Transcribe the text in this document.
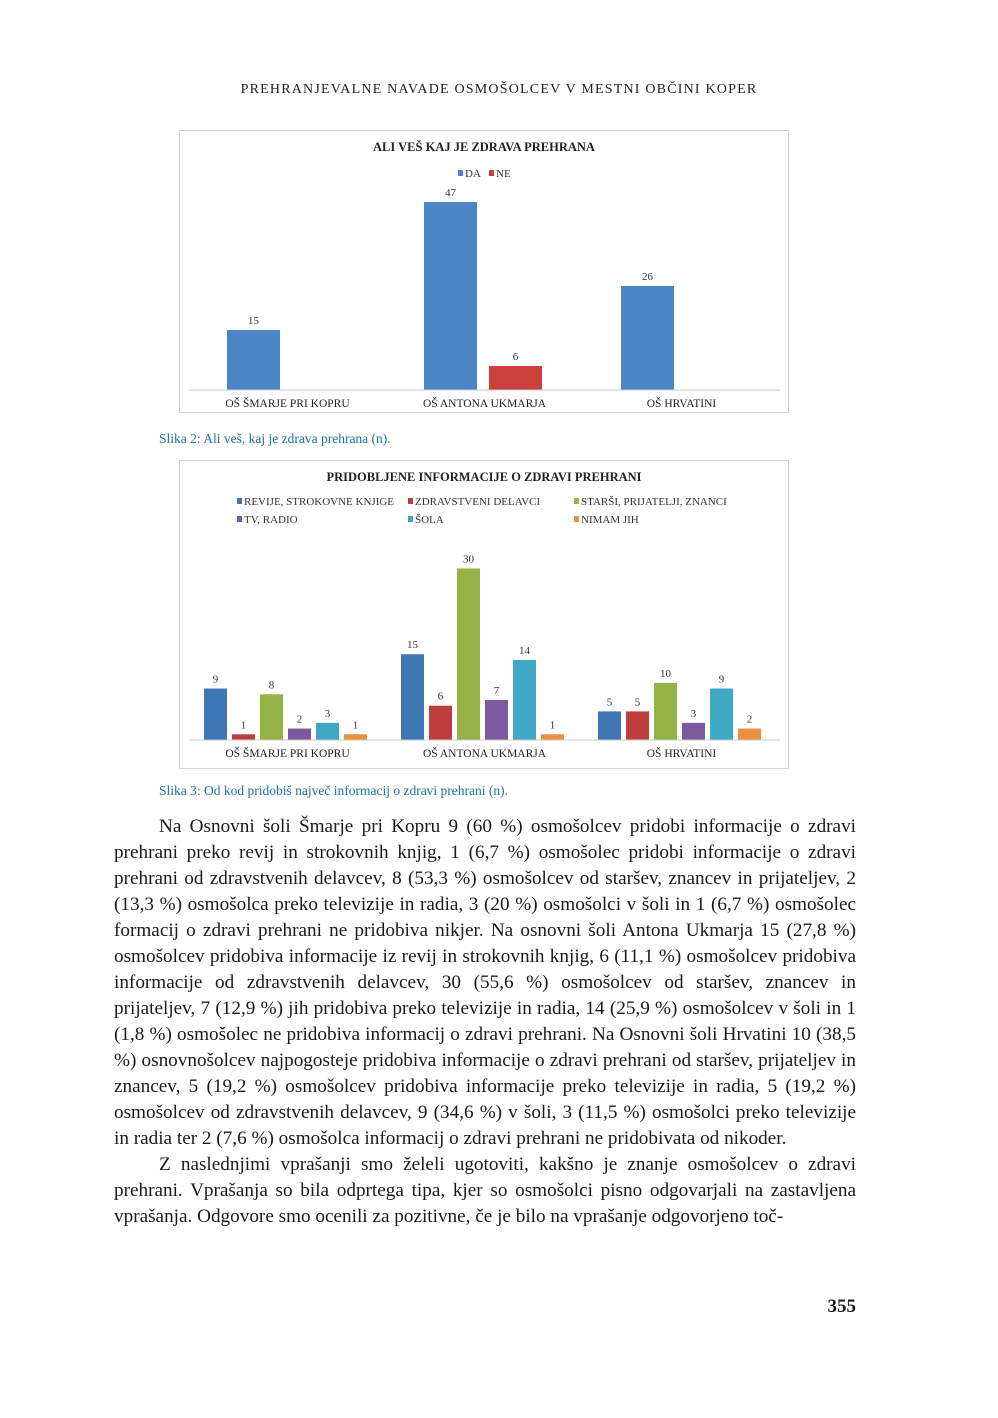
PREHRANJEVALNE NAVADE OSMOŠOLCEV V MESTNI OBČINI KOPER
ALI VEŠ KAJ JE ZDRAVA PREHRANA
DA NE
15
OŠ ŠMARJE PRI KOPRU
47
6
OŠ ANTONA UKMARJA
26
OŠ HRVATINI
Slika 2: Ali veš, kaj je zdrava prehrana (n).
PRIDOBLJENE INFORMACIJE O ZDRAVI PREHRANI
REVIJE, STROKOVNE KNJIGE ZDRAVSTVENI DELAVCI	STARŠI, PRIJATELJI, ZNANCI
TV, RADIO	ŠOLA	NIMAM JIH
9
1
8
2 3
1
OŠ ŠMARJE PRI KOPRU
15
6
30
7
14
1
OŠ ANTONA UKMARJA
5 5
10
3
9
2
OŠ HRVATINI
Slika 3: Od kod pridobiš največ informacij o zdravi prehrani (n).

Na Osnovni šoli Šmarje pri Kopru 9 (60 %) osmošolcev pridobi informacije o zdravi prehrani preko revij in strokovnih knjig, 1 (6,7 %) osmošolec pridobi informacije o zdravi prehrani od zdravstvenih delavcev, 8 (53,3 %) osmošolcev od staršev, znancev in prijateljev, 2 (13,3 %) osmošolca preko televizije in radia, 3 (20 %) osmošolci v šoli in 1 (6,7 %) osmošolec formacij o zdravi prehrani ne pridobiva nikjer. Na osnovni šoli Antona Ukmarja 15 (27,8 %) osmošolcev pridobiva informacije iz revij in strokovnih knjig, 6 (11,1 %) osmošolcev pridobiva informacije od zdravstvenih delavcev, 30 (55,6 %) osmošolcev od staršev, znancev in prijateljev, 7 (12,9 %) jih pridobiva preko televizije in radia, 14 (25,9 %) osmošolcev v šoli in 1 (1,8 %) osmošolec ne pridobiva informacij o zdravi prehrani. Na Osnovni šoli Hrvatini 10 (38,5 %) osnovnošolcev najpogosteje pridobiva informacije o zdravi prehrani od staršev, prijateljev in znancev, 5 (19,2 %) osmošolcev pridobiva informacije preko televizije in radia, 5 (19,2 %) osmošolcev od zdravstvenih delavcev, 9 (34,6 %) v šoli, 3 (11,5 %) osmošolci preko televizije in radia ter 2 (7,6 %) osmošolca informacij o zdravi prehrani ne pridobivata od nikoder.

Z naslednjimi vprašanji smo želeli ugotoviti, kakšno je znanje osmošolcev o zdravi prehrani. Vprašanja so bila odprtega tipa, kjer so osmošolci pisno odgovarjali na zastavljena vprašanja. Odgovore smo ocenili za pozitivne, če je bilo na vprašanje odgovorjeno toč-

355
